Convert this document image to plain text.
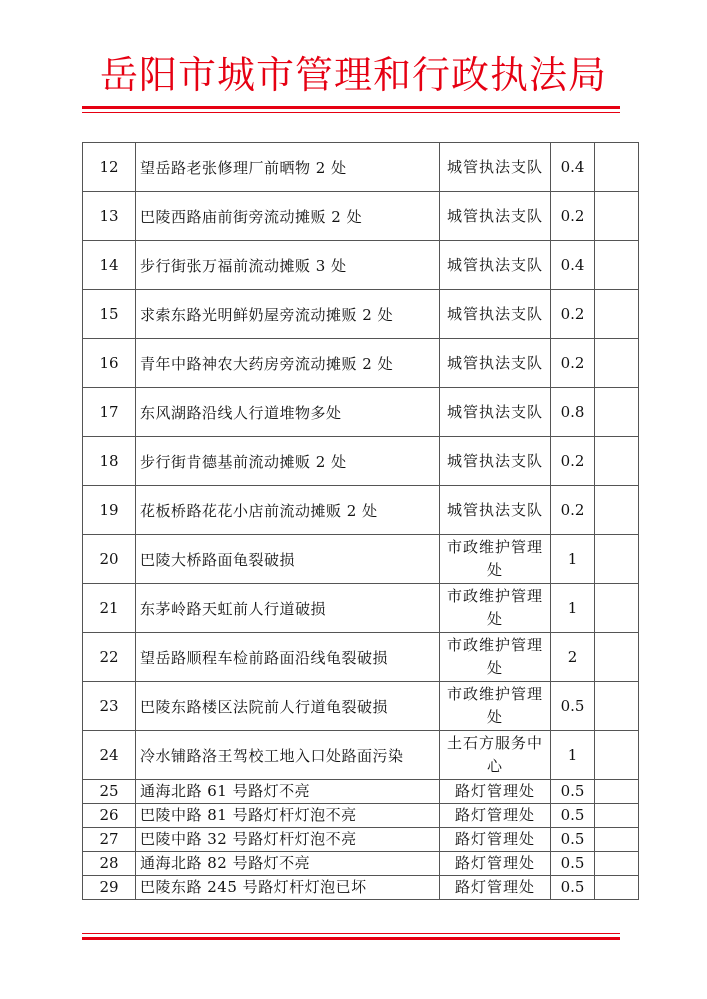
岳阳市城市管理和行政执法局
12	望岳路老张修理厂前晒物 2 处	城管执法支队	0.4	
13	巴陵西路庙前街旁流动摊贩 2 处	城管执法支队	0.2	
14	步行街张万福前流动摊贩 3 处	城管执法支队	0.4	
15	求索东路光明鲜奶屋旁流动摊贩 2 处	城管执法支队	0.2	
16	青年中路神农大药房旁流动摊贩 2 处	城管执法支队	0.2	
17	东风湖路沿线人行道堆物多处	城管执法支队	0.8	
18	步行街肯德基前流动摊贩 2 处	城管执法支队	0.2	
19	花板桥路花花小店前流动摊贩 2 处	城管执法支队	0.2	
20	巴陵大桥路面龟裂破损	市政维护管理处	1	
21	东茅岭路天虹前人行道破损	市政维护管理处	1	
22	望岳路顺程车检前路面沿线龟裂破损	市政维护管理处	2	
23	巴陵东路楼区法院前人行道龟裂破损	市政维护管理处	0.5	
24	冷水铺路洛王驾校工地入口处路面污染	土石方服务中心	1	
25	通海北路 61 号路灯不亮	路灯管理处	0.5	
26	巴陵中路 81 号路灯杆灯泡不亮	路灯管理处	0.5	
27	巴陵中路 32 号路灯杆灯泡不亮	路灯管理处	0.5	
28	通海北路 82 号路灯不亮	路灯管理处	0.5	
29	巴陵东路 245 号路灯杆灯泡已坏	路灯管理处	0.5	
